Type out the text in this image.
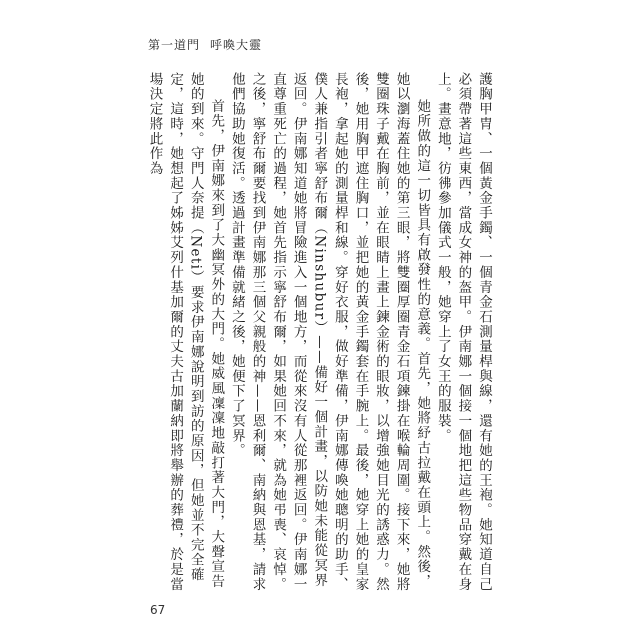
第一道門 呼喚大靈

護胸甲胄、一個黃金手鐲、一個青金石測量桿與線，還有她的王袍。她知道自己必須帶著這些東西，當成女神的盔甲。伊南娜一個接一個地把這些物品穿戴在身上。畫意地，彷彿參加儀式一般，她穿上了女王的服裝。

她所做的這一切皆具有啟發性的意義。首先，她將紓古拉戴在頭上。然後，她以瀏海蓋住她的第三眼，將雙圈厚圈青金石項鍊掛在喉輪周圍。接下來，她將雙圈珠子戴在胸前，並在眼睛上畫上鍊金術的眼妝，以增強她目光的誘惑力。然後，她用胸甲遮住胸口，並把她的黃金手鐲套在手腕上。最後，她穿上她的皇家長袍，拿起她的測量桿和線。穿好衣服，做好準備，伊南娜傳喚她聰明的助手、僕人兼指引者寧舒布爾（Ninshubur）——備好一個計畫，以防她未能從冥界返回。伊南娜知道她將冒險進入一個地方，而從來沒有人從那裡返回。伊南娜一直尊重死亡的過程，她首先指示寧舒布爾，如果她回不來，就為她弔喪、哀悼。之後，寧舒布爾要找到伊南娜那三個父親般的神——恩利爾、南納與恩基，請求他們協助她復活。透過計畫準備就緒之後，她便下了冥界。

首先，伊南娜來到了大幽冥外的大門。她威風凜凜地敲打著大門，大聲宣告她的到來。守門人奈提（Neti）要求伊南娜說明到訪的原因，但她並不完全確定，這時，她想起了姊姊艾列什基加爾的丈夫古加蘭納即將舉辦的葬禮，於是當場決定將此作為

67
